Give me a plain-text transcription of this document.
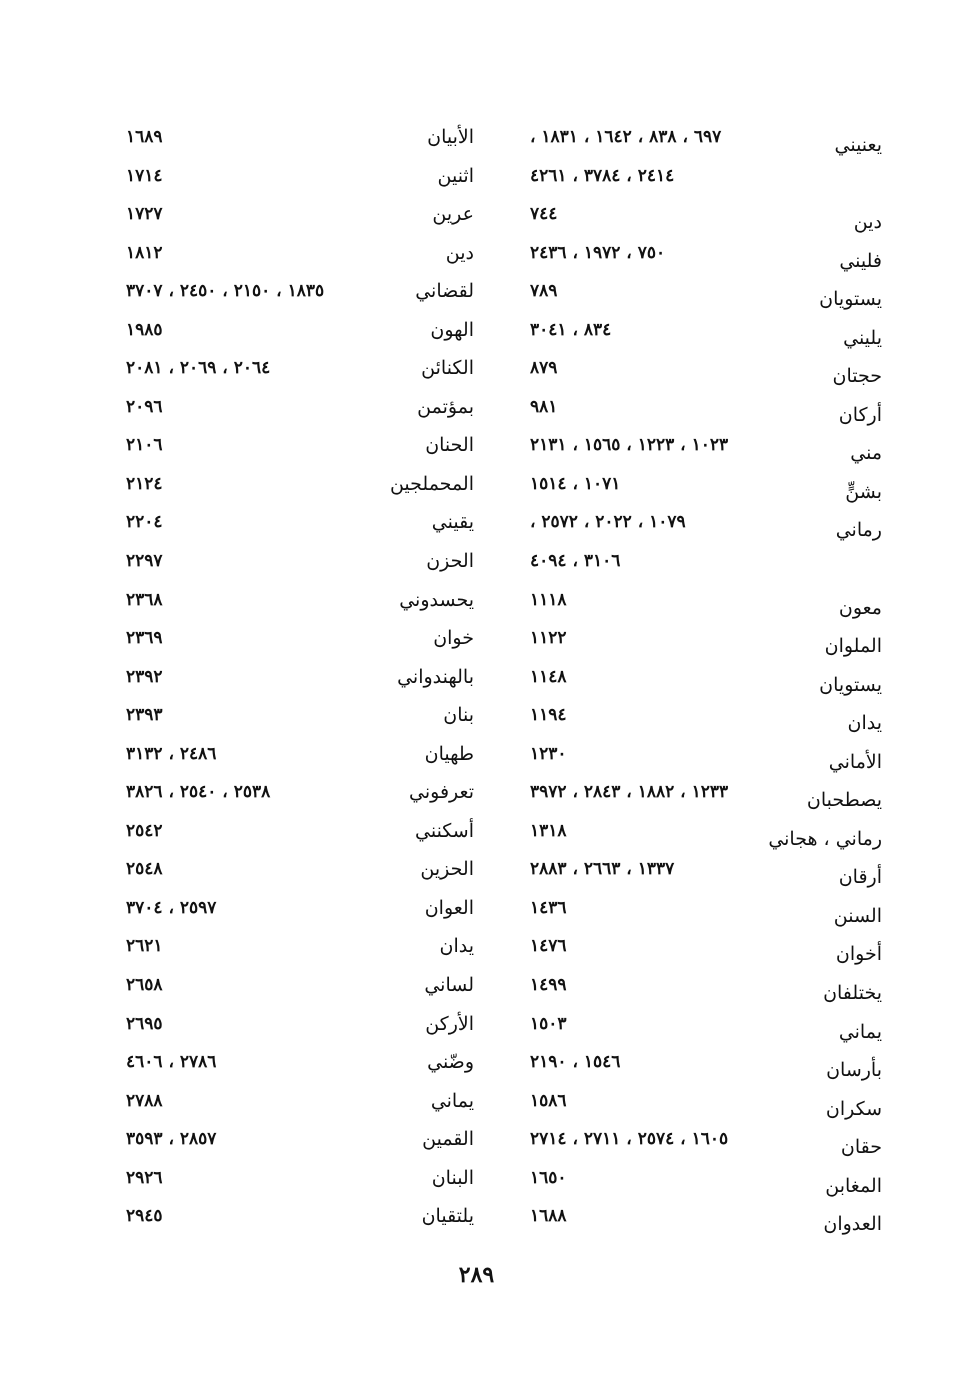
يعنيني
٦٩٧ ، ٨٣٨ ، ١٦٤٢ ، ١٨٣١ ،
٢٤١٤ ، ٣٧٨٤ ، ٤٢٦١
دين
٧٤٤
فليني
٧٥٠ ، ١٩٧٢ ، ٢٤٣٦
يستويان
٧٨٩
يليني
٨٣٤ ، ٣٠٤١
حجتان
٨٧٩
أركان
٩٨١
مني
١٠٢٣ ، ١٢٢٣ ، ١٥٦٥ ، ٢١٣١
بشنٍّ
١٠٧١ ، ١٥١٤
رماني
١٠٧٩ ، ٢٠٢٢ ، ٢٥٧٢ ،
٣١٠٦ ، ٤٠٩٤
معون
١١١٨
الملوان
١١٢٢
يستويان
١١٤٨
يدان
١١٩٤
الأماني
١٢٣٠
يصطحبان
١٢٣٣ ، ١٨٨٢ ، ٢٨٤٣ ، ٣٩٧٢
رماني ، هجاني
١٣١٨
أرقان
١٣٣٧ ، ٢٦٦٣ ، ٢٨٨٣
السنن
١٤٣٦
أخوان
١٤٧٦
يختلفان
١٤٩٩
يماني
١٥٠٣
بأرسان
١٥٤٦ ، ٢١٩٠
سكران
١٥٨٦
حقان
١٦٠٥ ، ٢٥٧٤ ، ٢٧١١ ، ٢٧١٤
المغابن
١٦٥٠
العدوان
١٦٨٨
الأبيان
١٦٨٩
اثنين
١٧١٤
عرين
١٧٢٧
دين
١٨١٢
لقضاني
١٨٣٥ ، ٢١٥٠ ، ٢٤٥٠ ، ٣٧٠٧
الهون
١٩٨٥
الكنائن
٢٠٦٤ ، ٢٠٦٩ ، ٢٠٨١
بمؤتمن
٢٠٩٦
الحنان
٢١٠٦
المحملجين
٢١٢٤
يقيني
٢٢٠٤
الحزن
٢٢٩٧
يحسدوني
٢٣٦٨
خوان
٢٣٦٩
بالهندواني
٢٣٩٢
بنان
٢٣٩٣
طهيان
٢٤٨٦ ، ٣١٣٢
تعرفوني
٢٥٣٨ ، ٢٥٤٠ ، ٣٨٢٦
أسكنني
٢٥٤٢
الحزين
٢٥٤٨
العوان
٢٥٩٧ ، ٣٧٠٤
يدان
٢٦٢١
لساني
٢٦٥٨
الأركن
٢٦٩٥
وضّني
٢٧٨٦ ، ٤٦٠٦
يماني
٢٧٨٨
القمين
٢٨٥٧ ، ٣٥٩٣
البنان
٢٩٢٦
يلتقيان
٢٩٤٥
٢٨٩
